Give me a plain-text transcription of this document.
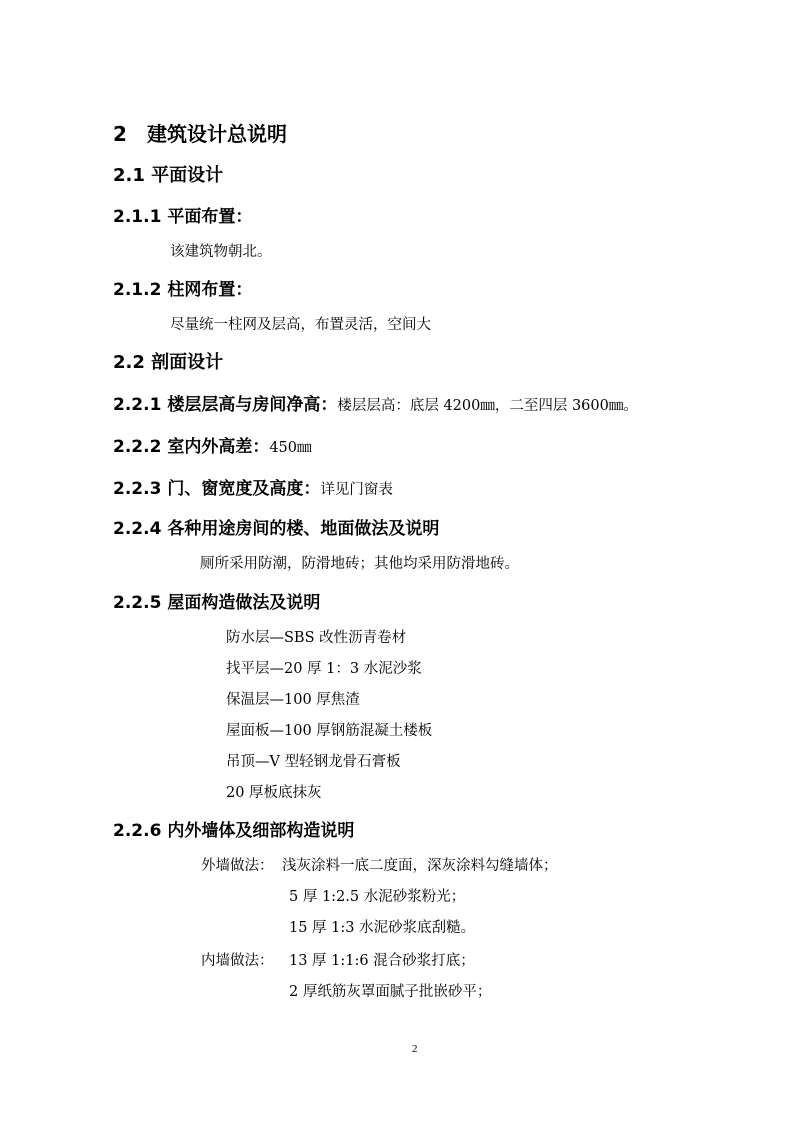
2 建筑设计总说明
2.1 平面设计
2.1.1 平面布置：
该建筑物朝北。
2.1.2 柱网布置：
尽量统一柱网及层高，布置灵活，空间大
2.2 剖面设计
2.2.1 楼层层高与房间净高：楼层层高：底层 4200㎜，二至四层 3600㎜。
2.2.2 室内外高差：450㎜
2.2.3 门、窗宽度及高度：详见门窗表
2.2.4 各种用途房间的楼、地面做法及说明
厕所采用防潮，防滑地砖；其他均采用防滑地砖。
2.2.5 屋面构造做法及说明
防水层—SBS 改性沥青卷材
找平层—20 厚 1：3 水泥沙浆
保温层—100 厚焦渣
屋面板—100 厚钢筋混凝土楼板
吊顶—V 型轻钢龙骨石膏板
20 厚板底抹灰
2.2.6 内外墙体及细部构造说明
外墙做法： 浅灰涂料一底二度面，深灰涂料勾缝墙体；
5 厚 1:2.5 水泥砂浆粉光；
15 厚 1:3 水泥砂浆底刮糙。
内墙做法： 13 厚 1:1:6 混合砂浆打底；
2 厚纸筋灰罩面腻子批嵌砂平；
2
